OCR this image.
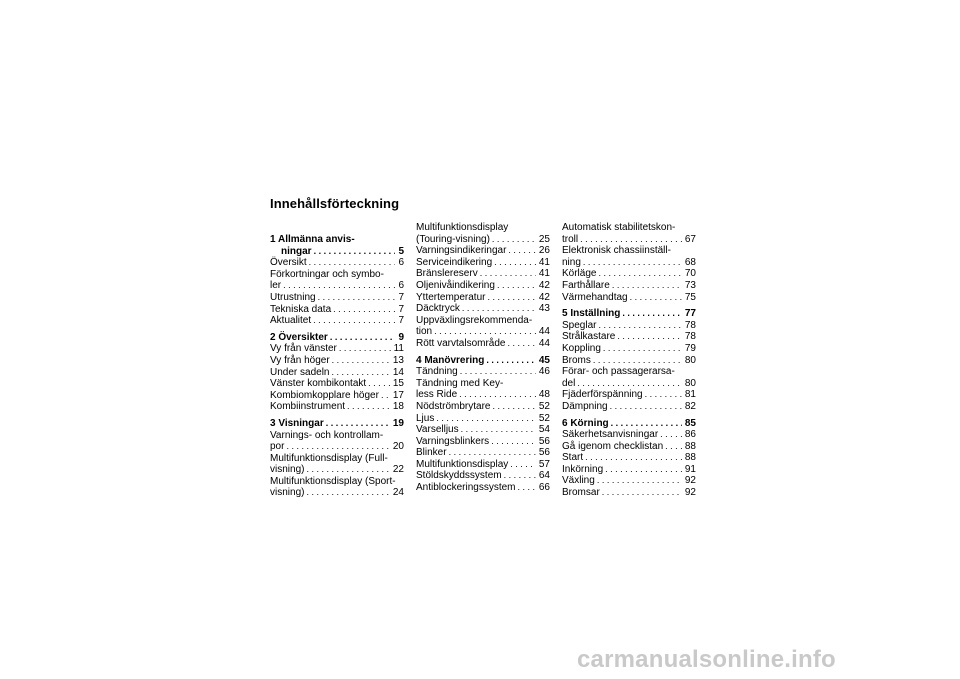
Innehållsförteckning
1 Allmänna anvis-
ningar . . .	5
Översikt . . .	6
Förkortningar och symbo-
ler . . .	6
Utrustning . . .	7
Tekniska data . . .	7
Aktualitet . . .	7
2 Översikter . . .	9
Vy från vänster . . .	11
Vy från höger . . .	13
Under sadeln . . .	14
Vänster kombikontakt . . .	15
Kombiomkopplare höger . . . 17
Kombiinstrument . . .	18
3 Visningar . . .	19
Varnings- och kontrollam-
por . . .	20
Multifunktionsdisplay (Full-
visning) . . .	22
Multifunktionsdisplay (Sport-
visning) . . .	24
Multifunktionsdisplay
(Touring-visning) . . .	25
Varningsindikeringar . . .	26
Serviceindikering . . .	41
Bränslereserv . . .	41
Oljenivåindikering . . .	42
Yttertemperatur . . .	42
Däcktryck . . .	43
Uppväxlingsrekommenda-
tion . . .	44
Rött varvtalsområde . . .	44
4 Manövrering . . .	45
Tändning . . .	46
Tändning med Key-
less Ride . . .	48
Nödströmbrytare . . .	52
Ljus . . .	52
Varselljus . . .	54
Varningsblinkers . . .	56
Blinker . . .	56
Multifunktionsdisplay . . .	57
Stöldskyddssystem . . .	64
Antiblockeringssystem . . . 66
Automatisk stabilitetskon-
troll . . .	67
Elektronisk chassiinställ-
ning . . .	68
Körläge . . .	70
Farthållare . . .	73
Värmehandtag . . .	75
5 Inställning . . .	77
Speglar . . .	78
Strålkastare . . .	78
Koppling . . .	79
Broms . . .	80
Förar- och passagerarsa-
del . . .	80
Fjäderförspänning . . .	81
Dämpning . . .	82
6 Körning . . .	85
Säkerhetsanvisningar . . .	86
Gå igenom checklistan . . . 88
Start . . .	88
Inkörning . . .	91
Växling . . .	92
Bromsar . . .	92
carmanualsonline.info
